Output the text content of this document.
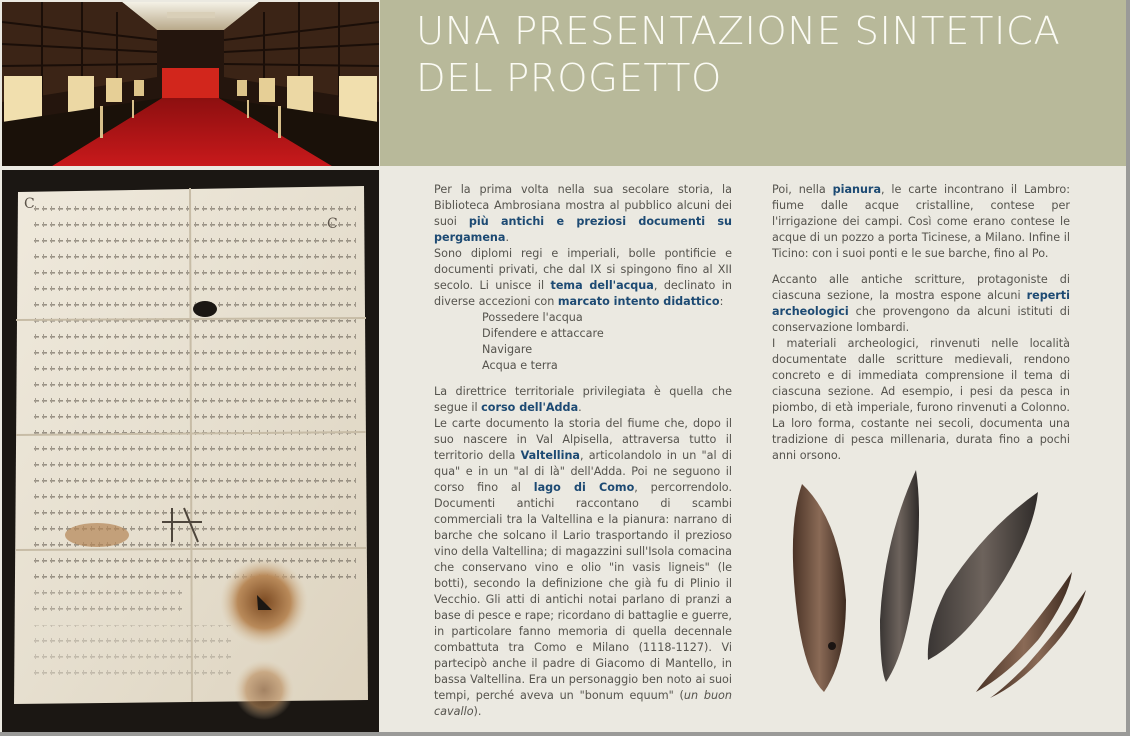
UNA PRESENTAZIONE SINTETICA
DEL PROGETTO
C
C

Per la prima volta nella sua secolare storia, la Biblioteca Ambrosiana mostra al pubblico alcuni dei suoi più antichi e preziosi documenti su pergamena.

Sono diplomi regi e imperiali, bolle pontificie e documenti privati, che dal IX si spingono fino al XII secolo. Li unisce il tema dell'acqua, declinato in diverse accezioni con marcato intento didattico:

Possedere l'acqua
Difendere e attaccare
Navigare
Acqua e terra

La direttrice territoriale privilegiata è quella che segue il corso dell'Adda.

Le carte documento la storia del fiume che, dopo il suo nascere in Val Alpisella, attraversa tutto il territorio della Valtellina, articolandolo in un "al di qua" e in un "al di là" dell'Adda. Poi ne seguono il corso fino al lago di Como, percorrendolo. Documenti antichi raccontano di scambi commerciali tra la Valtellina e la pianura: narrano di barche che solcano il Lario trasportando il prezioso vino della Valtellina; di magazzini sull'Isola comacina che conservano vino e olio "in vasis ligneis" (le botti), secondo la definizione che già fu di Plinio il Vecchio. Gli atti di antichi notai parlano di pranzi a base di pesce e rape; ricordano di battaglie e guerre, in particolare fanno memoria di quella decennale combattuta tra Como e Milano (1118-1127). Vi partecipò anche il padre di Giacomo di Mantello, in bassa Valtellina. Era un personaggio ben noto ai suoi tempi, perché aveva un "bonum equum" (un buon cavallo).

Poi, nella pianura, le carte incontrano il Lambro: fiume dalle acque cristalline, contese per l'irrigazione dei campi. Così come erano contese le acque di un pozzo a porta Ticinese, a Milano. Infine il Ticino: con i suoi ponti e le sue barche, fino al Po.

Accanto alle antiche scritture, protagoniste di ciascuna sezione, la mostra espone alcuni reperti archeologici che provengono da alcuni istituti di conservazione lombardi.

I materiali archeologici, rinvenuti nelle località documentate dalle scritture medievali, rendono concreto e di immediata comprensione il tema di ciascuna sezione. Ad esempio, i pesi da pesca in piombo, di età imperiale, furono rinvenuti a Colonno. La loro forma, costante nei secoli, documenta una tradizione di pesca millenaria, durata fino a pochi anni orsono.
